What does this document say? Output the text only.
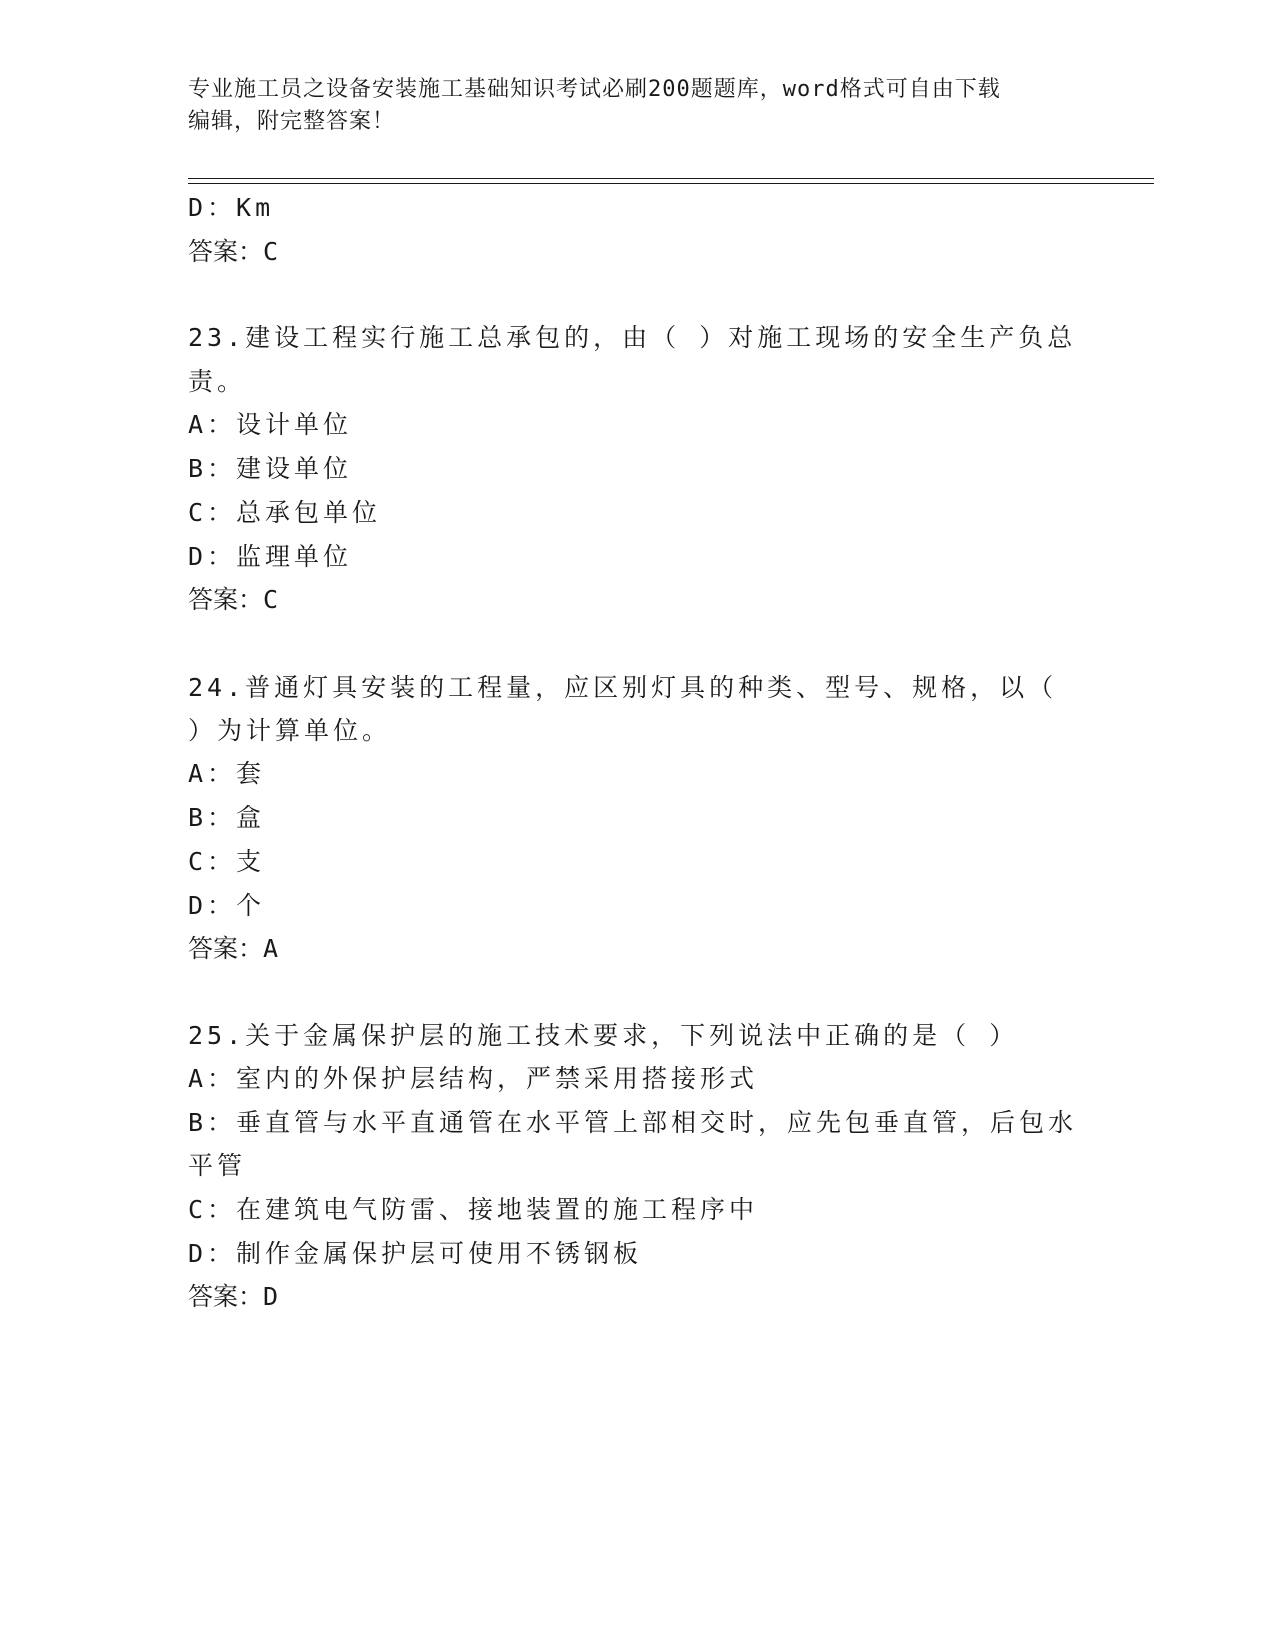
专业施工员之设备安装施工基础知识考试必刷200题题库，word格式可自由下载
编辑，附完整答案！
D：Km
答案：C
23.建设工程实行施工总承包的，由（ ）对施工现场的安全生产负总
责。
A：设计单位
B：建设单位
C：总承包单位
D：监理单位
答案：C
24.普通灯具安装的工程量，应区别灯具的种类、型号、规格，以（
）为计算单位。
A：套
B：盒
C：支
D：个
答案：A
25.关于金属保护层的施工技术要求，下列说法中正确的是（ ）
A：室内的外保护层结构，严禁采用搭接形式
B：垂直管与水平直通管在水平管上部相交时，应先包垂直管，后包水
平管
C：在建筑电气防雷、接地装置的施工程序中
D：制作金属保护层可使用不锈钢板
答案：D
